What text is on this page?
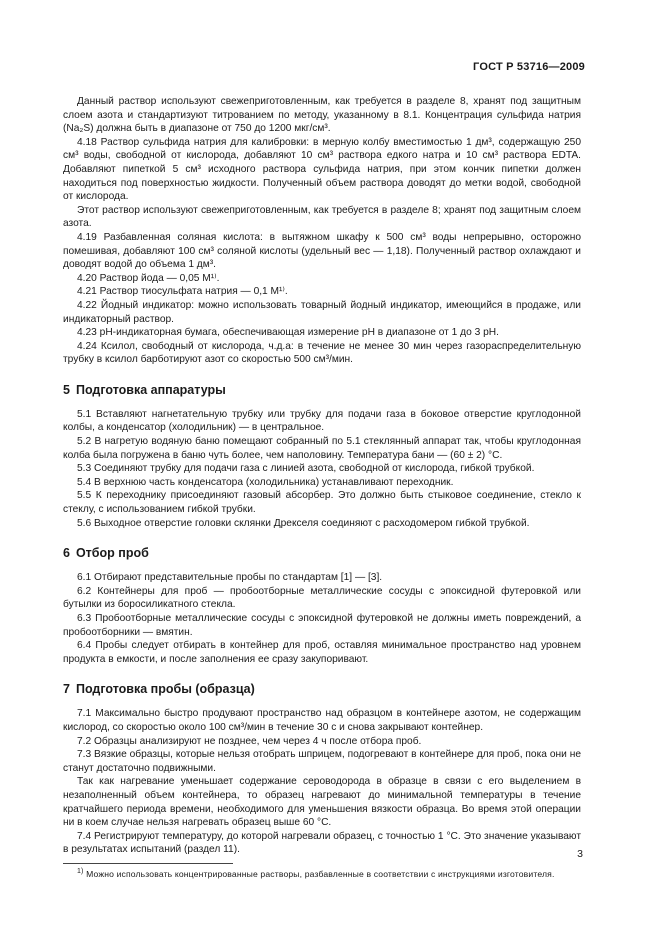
ГОСТ Р 53716—2009

Данный раствор используют свежеприготовленным, как требуется в разделе 8, хранят под защитным слоем азота и стандартизуют титрованием по методу, указанному в 8.1. Концентрация сульфида натрия (Na₂S) должна быть в диапазоне от 750 до 1200 мкг/см³.

4.18 Раствор сульфида натрия для калибровки: в мерную колбу вместимостью 1 дм³, содержащую 250 см³ воды, свободной от кислорода, добавляют 10 см³ раствора едкого натра и 10 см³ раствора EDTA. Добавляют пипеткой 5 см³ исходного раствора сульфида натрия, при этом кончик пипетки должен находиться под поверхностью жидкости. Полученный объем раствора доводят до метки водой, свободной от кислорода.

Этот раствор используют свежеприготовленным, как требуется в разделе 8; хранят под защитным слоем азота.

4.19 Разбавленная соляная кислота: в вытяжном шкафу к 500 см³ воды непрерывно, осторожно помешивая, добавляют 100 см³ соляной кислоты (удельный вес — 1,18). Полученный раствор охлаждают и доводят водой до объема 1 дм³.

4.20 Раствор йода — 0,05 М¹⁾.

4.21 Раствор тиосульфата натрия — 0,1 М¹⁾.

4.22 Йодный индикатор: можно использовать товарный йодный индикатор, имеющийся в продаже, или индикаторный раствор.

4.23 pH-индикаторная бумага, обеспечивающая измерение pH в диапазоне от 1 до 3 pH.

4.24 Ксилол, свободный от кислорода, ч.д.а: в течение не менее 30 мин через газораспределительную трубку в ксилол барботируют азот со скоростью 500 см³/мин.

5 Подготовка аппаратуры

5.1 Вставляют нагнетательную трубку или трубку для подачи газа в боковое отверстие круглодонной колбы, а конденсатор (холодильник) — в центральное.

5.2 В нагретую водяную баню помещают собранный по 5.1 стеклянный аппарат так, чтобы круглодонная колба была погружена в баню чуть более, чем наполовину. Температура бани — (60 ± 2) °С.

5.3 Соединяют трубку для подачи газа с линией азота, свободной от кислорода, гибкой трубкой.

5.4 В верхнюю часть конденсатора (холодильника) устанавливают переходник.

5.5 К переходнику присоединяют газовый абсорбер. Это должно быть стыковое соединение, стекло к стеклу, с использованием гибкой трубки.

5.6 Выходное отверстие головки склянки Дрекселя соединяют с расходомером гибкой трубкой.

6 Отбор проб

6.1 Отбирают представительные пробы по стандартам [1] — [3].

6.2 Контейнеры для проб — пробоотборные металлические сосуды с эпоксидной футеровкой или бутылки из боросиликатного стекла.

6.3 Пробоотборные металлические сосуды с эпоксидной футеровкой не должны иметь повреждений, а пробоотборники — вмятин.

6.4 Пробы следует отбирать в контейнер для проб, оставляя минимальное пространство над уровнем продукта в емкости, и после заполнения ее сразу закупоривают.

7 Подготовка пробы (образца)

7.1 Максимально быстро продувают пространство над образцом в контейнере азотом, не содержащим кислород, со скоростью около 100 см³/мин в течение 30 с и снова закрывают контейнер.

7.2 Образцы анализируют не позднее, чем через 4 ч после отбора проб.

7.3 Вязкие образцы, которые нельзя отобрать шприцем, подогревают в контейнере для проб, пока они не станут достаточно подвижными.

Так как нагревание уменьшает содержание сероводорода в образце в связи с его выделением в незаполненный объем контейнера, то образец нагревают до минимальной температуры в течение кратчайшего периода времени, необходимого для уменьшения вязкости образца. Во время этой операции ни в коем случае нельзя нагревать образец выше 60 °С.

7.4 Регистрируют температуру, до которой нагревали образец, с точностью 1 °С. Это значение указывают в результатах испытаний (раздел 11).

$^{1)}$ Можно использовать концентрированные растворы, разбавленные в соответствии с инструкциями изготовителя.

3
